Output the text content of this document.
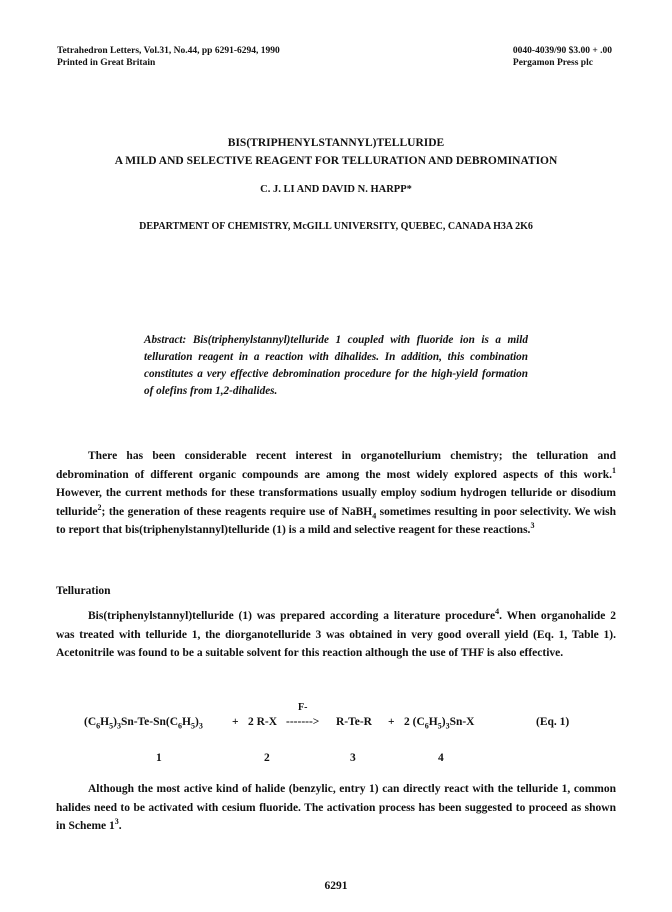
Tetrahedron Letters, Vol.31, No.44, pp 6291-6294, 1990
Printed in Great Britain
0040-4039/90 $3.00 + .00
Pergamon Press plc
BIS(TRIPHENYLSTANNYL)TELLURIDE
A MILD AND SELECTIVE REAGENT FOR TELLURATION AND DEBROMINATION
C. J. LI AND DAVID N. HARPP*
DEPARTMENT OF CHEMISTRY, McGILL UNIVERSITY, QUEBEC, CANADA H3A 2K6
Abstract: Bis(triphenylstannyl)telluride 1 coupled with fluoride ion is a mild telluration reagent in a reaction with dihalides. In addition, this combination constitutes a very effective debromination procedure for the high-yield formation of olefins from 1,2-dihalides.
There has been considerable recent interest in organotellurium chemistry; the telluration and debromination of different organic compounds are among the most widely explored aspects of this work.$^1$ However, the current methods for these transformations usually employ sodium hydrogen telluride or disodium telluride$^2$; the generation of these reagents require use of NaBH$_4$ sometimes resulting in poor selectivity. We wish to report that bis(triphenylstannyl)telluride (1) is a mild and selective reagent for these reactions.$^3$
Telluration
Bis(triphenylstannyl)telluride (1) was prepared according a literature procedure$^4$. When organohalide 2 was treated with telluride 1, the diorganotelluride 3 was obtained in very good overall yield (Eq. 1, Table 1). Acetonitrile was found to be a suitable solvent for this reaction although the use of THF is also effective.
$(C_6H_5)_3Sn-Te-Sn(C_6H_5)_3$	+ 2 R-X
F-
-------> R-Te-R + 2 $(C_6H_5)_3Sn-X$	(Eq. 1)
1	2	3	4
Although the most active kind of halide (benzylic, entry 1) can directly react with the telluride 1, common halides need to be activated with cesium fluoride. The activation process has been suggested to proceed as shown in Scheme $1^3$.
6291
